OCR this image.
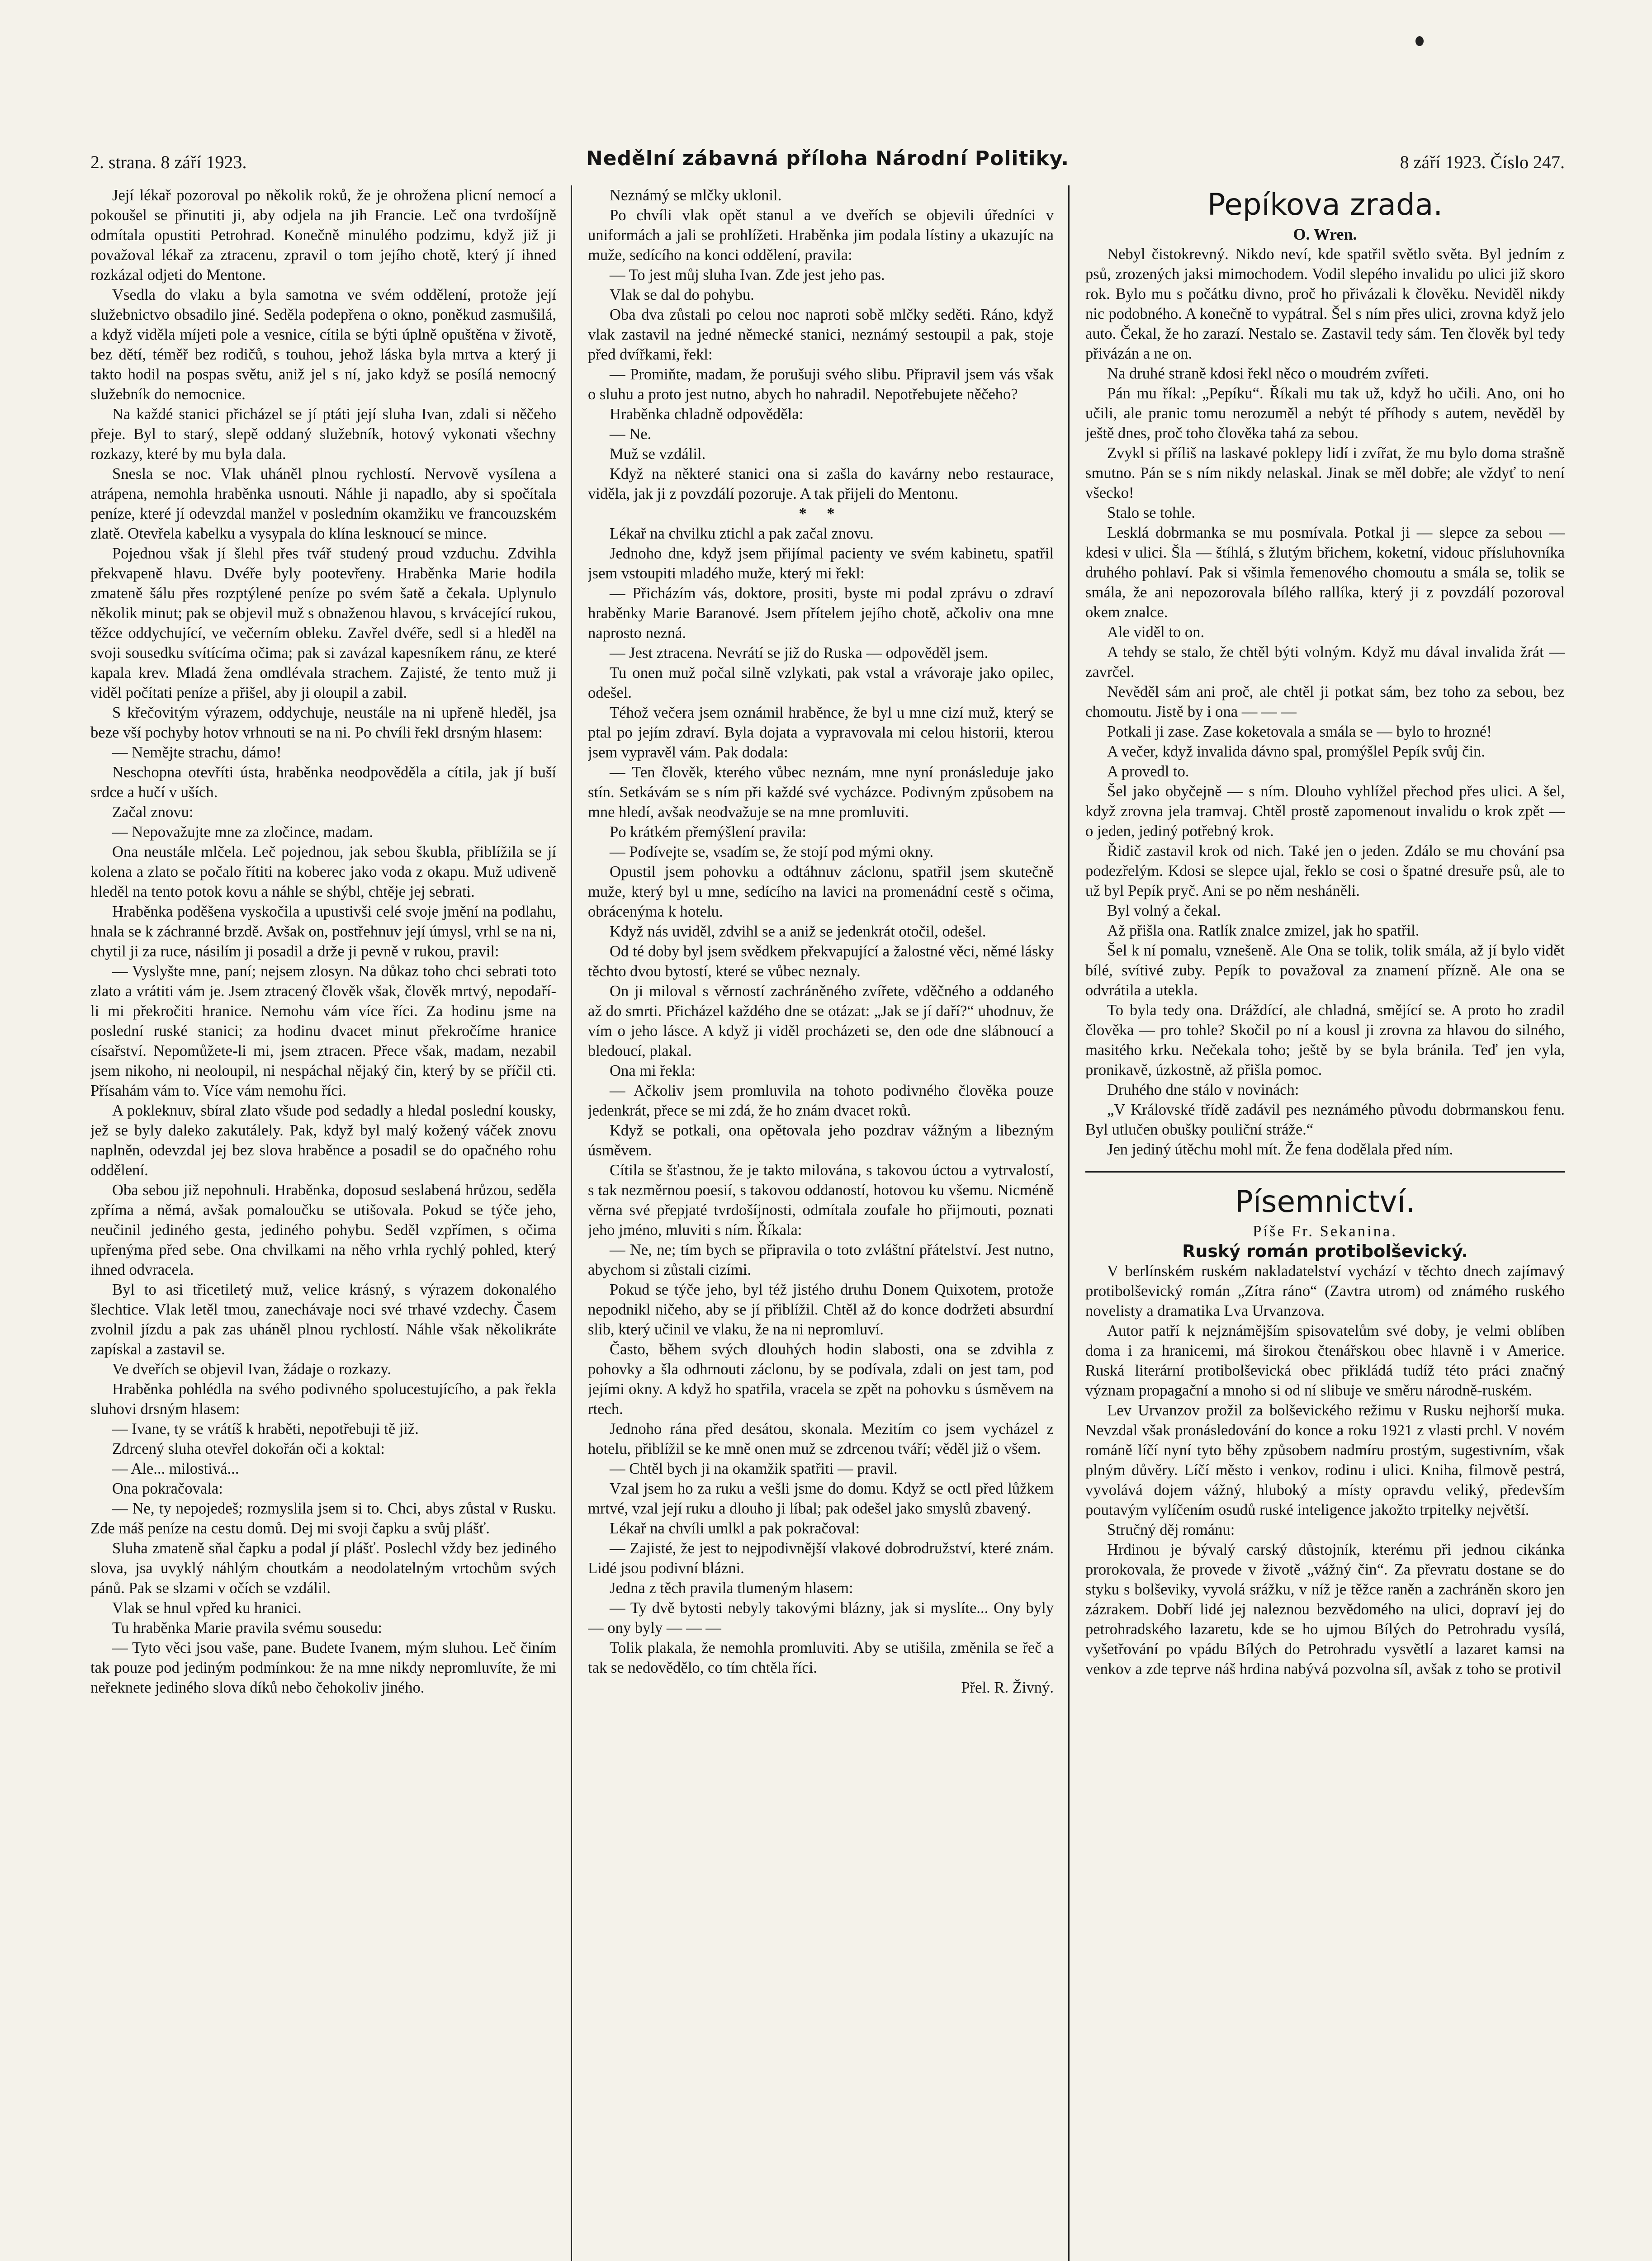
2. strana. 8 září 1923.	Nedělní zábavná příloha Národní Politiky.	8 září 1923. Číslo 247.

Její lékař pozoroval po několik roků, že je ohrožena plicní nemocí a pokoušel se přinutiti ji, aby odjela na jih Francie. Leč ona tvrdošíjně odmítala opustiti Petrohrad. Konečně minulého podzimu, když již ji považoval lékař za ztracenu, zpravil o tom jejího chotě, který jí ihned rozkázal odjeti do Mentone.

Vsedla do vlaku a byla samotna ve svém oddělení, protože její služebnictvo obsadilo jiné. Seděla podepřena o okno, poněkud zasmušilá, a když viděla míjeti pole a vesnice, cítila se býti úplně opuštěna v životě, bez dětí, téměř bez rodičů, s touhou, jehož láska byla mrtva a který ji takto hodil na pospas světu, aniž jel s ní, jako když se posílá nemocný služebník do nemocnice.

Na každé stanici přicházel se jí ptáti její sluha Ivan, zdali si něčeho přeje. Byl to starý, slepě oddaný služebník, hotový vykonati všechny rozkazy, které by mu byla dala.

Snesla se noc. Vlak uháněl plnou rychlostí. Nervově vysílena a atrápena, nemohla hraběnka usnouti. Náhle ji napadlo, aby si spočítala peníze, které jí odevzdal manžel v posledním okamžiku ve francouzském zlatě. Otevřela kabelku a vysypala do klína lesknoucí se mince.

Pojednou však jí šlehl přes tvář studený proud vzduchu. Zdvihla překvapeně hlavu. Dvéře byly pootevřeny. Hraběnka Marie hodila zmateně šálu přes rozptýlené peníze po svém šatě a čekala. Uplynulo několik minut; pak se objevil muž s obnaženou hlavou, s krvácející rukou, těžce oddychující, ve večerním obleku. Zavřel dvéře, sedl si a hleděl na svoji sousedku svítícíma očima; pak si zavázal kapesníkem ránu, ze které kapala krev. Mladá žena omdlévala strachem. Zajisté, že tento muž ji viděl počítati peníze a přišel, aby ji oloupil a zabil.

S křečovitým výrazem, oddychuje, neustále na ni upřeně hleděl, jsa beze vší pochyby hotov vrhnouti se na ni. Po chvíli řekl drsným hlasem:

— Nemějte strachu, dámo!

Neschopna otevříti ústa, hraběnka neodpověděla a cítila, jak jí buší srdce a hučí v uších.

Začal znovu:

— Nepovažujte mne za zločince, madam.

Ona neustále mlčela. Leč pojednou, jak sebou škubla, přiblížila se jí kolena a zlato se počalo řítiti na koberec jako voda z okapu. Muž udiveně hleděl na tento potok kovu a náhle se shýbl, chtěje jej sebrati.

Hraběnka poděšena vyskočila a upustivši celé svoje jmění na podlahu, hnala se k záchranné brzdě. Avšak on, postřehnuv její úmysl, vrhl se na ni, chytil ji za ruce, násilím ji posadil a drže ji pevně v rukou, pravil:

— Vyslyšte mne, paní; nejsem zlosyn. Na důkaz toho chci sebrati toto zlato a vrátiti vám je. Jsem ztracený člověk však, člověk mrtvý, nepodaří-li mi překročiti hranice. Nemohu vám více říci. Za hodinu jsme na poslední ruské stanici; za hodinu dvacet minut překročíme hranice císařství. Nepomůžete-li mi, jsem ztracen. Přece však, madam, nezabil jsem nikoho, ni neoloupil, ni nespáchal nějaký čin, který by se příčil cti. Přísahám vám to. Více vám nemohu říci.

A pokleknuv, sbíral zlato všude pod sedadly a hledal poslední kousky, jež se byly daleko zakutálely. Pak, když byl malý kožený váček znovu naplněn, odevzdal jej bez slova hraběnce a posadil se do opačného rohu oddělení.

Oba sebou již nepohnuli. Hraběnka, doposud seslabená hrůzou, seděla zpříma a němá, avšak pomaloučku se utišovala. Pokud se týče jeho, neučinil jediného gesta, jediného pohybu. Seděl vzpřímen, s očima upřenýma před sebe. Ona chvilkami na něho vrhla rychlý pohled, který ihned odvracela.

Byl to asi třicetiletý muž, velice krásný, s výrazem dokonalého šlechtice. Vlak letěl tmou, zanechávaje noci své trhavé vzdechy. Časem zvolnil jízdu a pak zas uháněl plnou rychlostí. Náhle však několikráte zapískal a zastavil se.

Ve dveřích se objevil Ivan, žádaje o rozkazy.

Hraběnka pohlédla na svého podivného spolucestujícího, a pak řekla sluhovi drsným hlasem:

— Ivane, ty se vrátíš k hraběti, nepotřebuji tě již.

Zdrcený sluha otevřel dokořán oči a koktal:

— Ale... milostivá...

Ona pokračovala:

— Ne, ty nepojedeš; rozmyslila jsem si to. Chci, abys zůstal v Rusku. Zde máš peníze na cestu domů. Dej mi svoji čapku a svůj plášť.

Sluha zmateně sňal čapku a podal jí plášť. Poslechl vždy bez jediného slova, jsa uvyklý náhlým choutkám a neodolatelným vrtochům svých pánů. Pak se slzami v očích se vzdálil.

Vlak se hnul vpřed ku hranici.

Tu hraběnka Marie pravila svému sousedu:

— Tyto věci jsou vaše, pane. Budete Ivanem, mým sluhou. Leč činím tak pouze pod jediným podmínkou: že na mne nikdy nepromluvíte, že mi neřeknete jediného slova díků nebo čehokoliv jiného.

Neznámý se mlčky uklonil.

Po chvíli vlak opět stanul a ve dveřích se objevili úředníci v uniformách a jali se prohlížeti. Hraběnka jim podala lístiny a ukazujíc na muže, sedícího na konci oddělení, pravila:

— To jest můj sluha Ivan. Zde jest jeho pas.

Vlak se dal do pohybu.

Oba dva zůstali po celou noc naproti sobě mlčky seděti. Ráno, když vlak zastavil na jedné německé stanici, neznámý sestoupil a pak, stoje před dvířkami, řekl:

— Promiňte, madam, že porušuji svého slibu. Připravil jsem vás však o sluhu a proto jest nutno, abych ho nahradil. Nepotřebujete něčeho?

Hraběnka chladně odpověděla:

— Ne.

Muž se vzdálil.

Když na některé stanici ona si zašla do kavárny nebo restaurace, viděla, jak ji z povzdálí pozoruje. A tak přijeli do Mentonu.

* *

Lékař na chvilku ztichl a pak začal znovu.

Jednoho dne, když jsem přijímal pacienty ve svém kabinetu, spatřil jsem vstoupiti mladého muže, který mi řekl:

— Přicházím vás, doktore, prositi, byste mi podal zprávu o zdraví hraběnky Marie Baranové. Jsem přítelem jejího chotě, ačkoliv ona mne naprosto nezná.

— Jest ztracena. Nevrátí se již do Ruska — odpověděl jsem.

Tu onen muž počal silně vzlykati, pak vstal a vrávoraje jako opilec, odešel.

Téhož večera jsem oznámil hraběnce, že byl u mne cizí muž, který se ptal po jejím zdraví. Byla dojata a vypravovala mi celou historii, kterou jsem vypravěl vám. Pak dodala:

— Ten člověk, kterého vůbec neznám, mne nyní pronásleduje jako stín. Setkávám se s ním při každé své vycházce. Podivným způsobem na mne hledí, avšak neodvažuje se na mne promluviti.

Po krátkém přemýšlení pravila:

— Podívejte se, vsadím se, že stojí pod mými okny.

Opustil jsem pohovku a odtáhnuv záclonu, spatřil jsem skutečně muže, který byl u mne, sedícího na lavici na promenádní cestě s očima, obrácenýma k hotelu.

Když nás uviděl, zdvihl se a aniž se jedenkrát otočil, odešel.

Od té doby byl jsem svědkem překvapující a žalostné věci, němé lásky těchto dvou bytostí, které se vůbec neznaly.

On ji miloval s věrností zachráněného zvířete, vděčného a oddaného až do smrti. Přicházel každého dne se otázat: „Jak se jí daří?“ uhodnuv, že vím o jeho lásce. A když ji viděl procházeti se, den ode dne slábnoucí a bledoucí, plakal.

Ona mi řekla:

— Ačkoliv jsem promluvila na tohoto podivného člověka pouze jedenkrát, přece se mi zdá, že ho znám dvacet roků.

Když se potkali, ona opětovala jeho pozdrav vážným a libezným úsměvem.

Cítila se šťastnou, že je takto milována, s takovou úctou a vytrvalostí, s tak nezměrnou poesií, s takovou oddaností, hotovou ku všemu. Nicméně věrna své přepjaté tvrdošíjnosti, odmítala zoufale ho přijmouti, poznati jeho jméno, mluviti s ním. Říkala:

— Ne, ne; tím bych se připravila o toto zvláštní přátelství. Jest nutno, abychom si zůstali cizími.

Pokud se týče jeho, byl též jistého druhu Donem Quixotem, protože nepodnikl ničeho, aby se jí přiblížil. Chtěl až do konce dodržeti absurdní slib, který učinil ve vlaku, že na ni nepromluví.

Často, během svých dlouhých hodin slabosti, ona se zdvihla z pohovky a šla odhrnouti záclonu, by se podívala, zdali on jest tam, pod jejími okny. A když ho spatřila, vracela se zpět na pohovku s úsměvem na rtech.

Jednoho rána před desátou, skonala. Mezitím co jsem vycházel z hotelu, přiblížil se ke mně onen muž se zdrcenou tváří; věděl již o všem.

— Chtěl bych ji na okamžik spatřiti — pravil.

Vzal jsem ho za ruku a vešli jsme do domu. Když se octl před lůžkem mrtvé, vzal její ruku a dlouho ji líbal; pak odešel jako smyslů zbavený.

Lékař na chvíli umlkl a pak pokračoval:

— Zajisté, že jest to nejpodivnější vlakové dobrodružství, které znám. Lidé jsou podivní blázni.

Jedna z těch pravila tlumeným hlasem:

— Ty dvě bytosti nebyly takovými blázny, jak si myslíte... Ony byly — ony byly — — —

Tolik plakala, že nemohla promluviti. Aby se utišila, změnila se řeč a tak se nedovědělo, co tím chtěla říci.

Přel. R. Živný.

Pepíkova zrada.

O. Wren.

Nebyl čistokrevný. Nikdo neví, kde spatřil světlo světa. Byl jedním z psů, zrozených jaksi mimochodem. Vodil slepého invalidu po ulici již skoro rok. Bylo mu s počátku divno, proč ho přivázali k člověku. Neviděl nikdy nic podobného. A konečně to vypátral. Šel s ním přes ulici, zrovna když jelo auto. Čekal, že ho zarazí. Nestalo se. Zastavil tedy sám. Ten člověk byl tedy přivázán a ne on.

Na druhé straně kdosi řekl něco o moudrém zvířeti.

Pán mu říkal: „Pepíku“. Říkali mu tak už, když ho učili. Ano, oni ho učili, ale pranic tomu nerozuměl a nebýt té příhody s autem, nevěděl by ještě dnes, proč toho člověka tahá za sebou.

Zvykl si příliš na laskavé poklepy lidí i zvířat, že mu bylo doma strašně smutno. Pán se s ním nikdy nelaskal. Jinak se měl dobře; ale vždyť to není všecko!

Stalo se tohle.

Lesklá dobrmanka se mu posmívala. Potkal ji — slepce za sebou — kdesi v ulici. Šla — štíhlá, s žlutým břichem, koketní, vidouc přísluhovníka druhého pohlaví. Pak si všimla řemenového chomoutu a smála se, tolik se smála, že ani nepozorovala bílého rallíka, který ji z povzdálí pozoroval okem znalce.

Ale viděl to on.

A tehdy se stalo, že chtěl býti volným. Když mu dával invalida žrát — zavrčel.

Nevěděl sám ani proč, ale chtěl ji potkat sám, bez toho za sebou, bez chomoutu. Jistě by i ona — — —

Potkali ji zase. Zase koketovala a smála se — bylo to hrozné!

A večer, když invalida dávno spal, promýšlel Pepík svůj čin.

A provedl to.

Šel jako obyčejně — s ním. Dlouho vyhlížel přechod přes ulici. A šel, když zrovna jela tramvaj. Chtěl prostě zapomenout invalidu o krok zpět — o jeden, jediný potřebný krok.

Řidič zastavil krok od nich. Také jen o jeden. Zdálo se mu chování psa podezřelým. Kdosi se slepce ujal, řeklo se cosi o špatné dresuře psů, ale to už byl Pepík pryč. Ani se po něm nesháněli.

Byl volný a čekal.

Až přišla ona. Ratlík znalce zmizel, jak ho spatřil.

Šel k ní pomalu, vznešeně. Ale Ona se tolik, tolik smála, až jí bylo vidět bílé, svítivé zuby. Pepík to považoval za znamení přízně. Ale ona se odvrátila a utekla.

To byla tedy ona. Dráždící, ale chladná, smějící se. A proto ho zradil člověka — pro tohle? Skočil po ní a kousl ji zrovna za hlavou do silného, masitého krku. Nečekala toho; ještě by se byla bránila. Teď jen vyla, pronikavě, úzkostně, až přišla pomoc.

Druhého dne stálo v novinách:

„V Královské třídě zadávil pes neznámého původu dobrmanskou fenu. Byl utlučen obušky pouliční stráže.“

Jen jediný útěchu mohl mít. Že fena dodělala před ním.

Písemnictví.

Píše Fr. Sekanina.

Ruský román protibolševický.

V berlínském ruském nakladatelství vychází v těchto dnech zajímavý protibolševický román „Zítra ráno“ (Zavtra utrom) od známého ruského novelisty a dramatika Lva Urvanzova.

Autor patří k nejznámějším spisovatelům své doby, je velmi oblíben doma i za hranicemi, má širokou čtenářskou obec hlavně i v Americe. Ruská literární protibolševická obec přikládá tudíž této práci značný význam propagační a mnoho si od ní slibuje ve směru národně-ruském.

Lev Urvanzov prožil za bolševického režimu v Rusku nejhorší muka. Nevzdal však pronásledování do konce a roku 1921 z vlasti prchl. V novém románě líčí nyní tyto běhy způsobem nadmíru prostým, sugestivním, však plným důvěry. Líčí město i venkov, rodinu i ulici. Kniha, filmově pestrá, vyvolává dojem vážný, hluboký a místy opravdu veliký, především poutavým vylíčením osudů ruské inteligence jakožto trpitelky největší.

Stručný děj románu:

Hrdinou je bývalý carský důstojník, kterému při jednou cikánka prorokovala, že provede v životě „vážný čin“. Za převratu dostane se do styku s bolševiky, vyvolá srážku, v níž je těžce raněn a zachráněn skoro jen zázrakem. Dobří lidé jej naleznou bezvědomého na ulici, dopraví jej do petrohradského lazaretu, kde se ho ujmou Bílých do Petrohradu vysílá, vyšetřování po vpádu Bílých do Petrohradu vysvětlí a lazaret kamsi na venkov a zde teprve náš hrdina nabývá pozvolna síl, avšak z toho se protivil
